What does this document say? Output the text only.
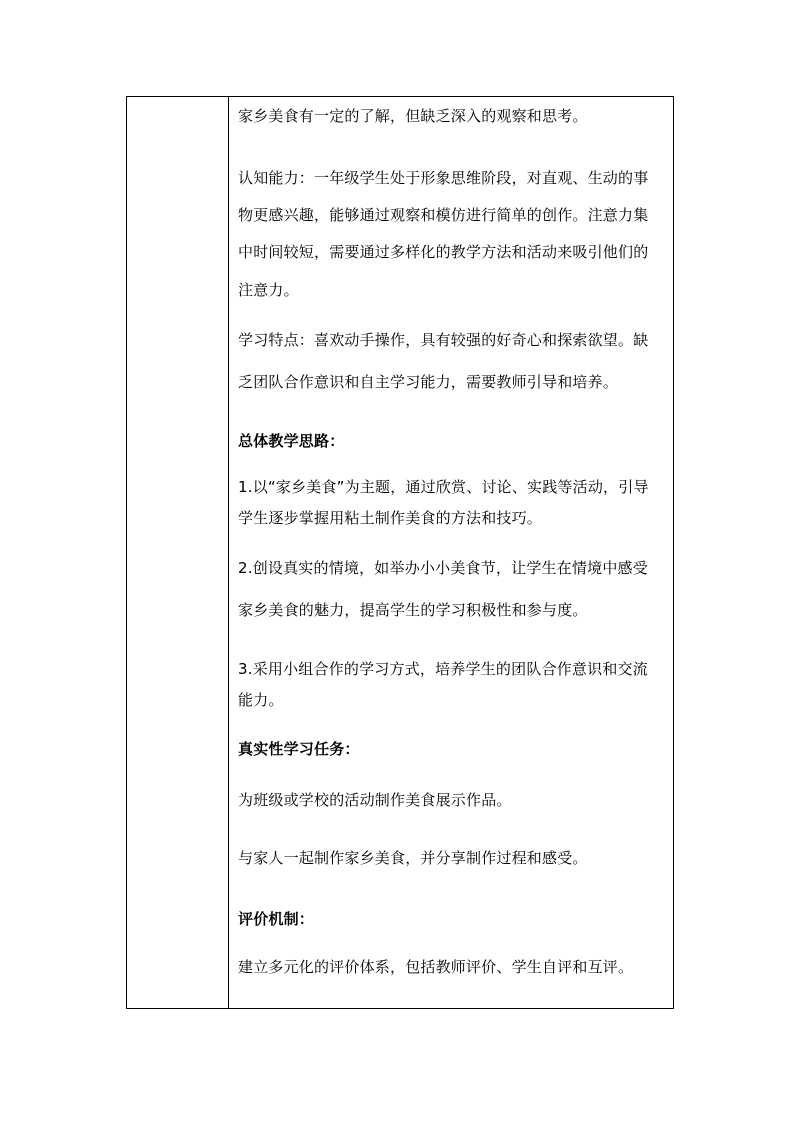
家乡美食有一定的了解，但缺乏深入的观察和思考。
认知能力：一年级学生处于形象思维阶段，对直观、生动的事
物更感兴趣，能够通过观察和模仿进行简单的创作。注意力集
中时间较短，需要通过多样化的教学方法和活动来吸引他们的
注意力。
学习特点：喜欢动手操作，具有较强的好奇心和探索欲望。缺
乏团队合作意识和自主学习能力，需要教师引导和培养。
总体教学思路：
1.以“家乡美食”为主题，通过欣赏、讨论、实践等活动，引导
学生逐步掌握用粘土制作美食的方法和技巧。
2.创设真实的情境，如举办小小美食节，让学生在情境中感受
家乡美食的魅力，提高学生的学习积极性和参与度。
3.采用小组合作的学习方式，培养学生的团队合作意识和交流
能力。
真实性学习任务：
为班级或学校的活动制作美食展示作品。
与家人一起制作家乡美食，并分享制作过程和感受。
评价机制：
建立多元化的评价体系，包括教师评价、学生自评和互评。
